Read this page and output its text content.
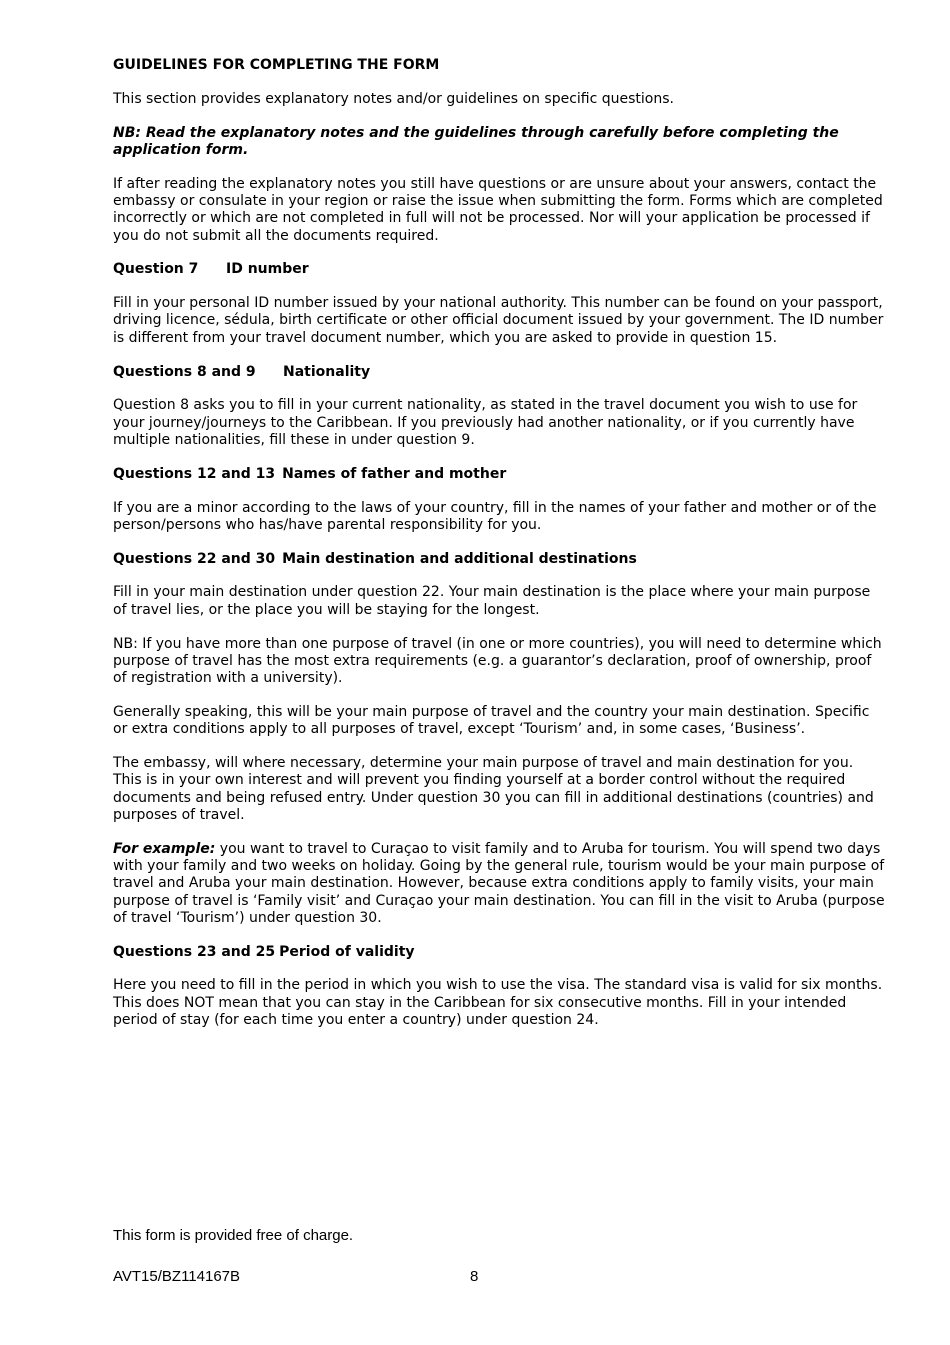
GUIDELINES FOR COMPLETING THE FORM

This section provides explanatory notes and/or guidelines on specific questions.

NB: Read the explanatory notes and the guidelines through carefully before completing the application form.

If after reading the explanatory notes you still have questions or are unsure about your answers, contact the embassy or consulate in your region or raise the issue when submitting the form. Forms which are completed incorrectly or which are not completed in full will not be processed. Nor will your application be processed if you do not submit all the documents required.

Question 7 ID number

Fill in your personal ID number issued by your national authority. This number can be found on your passport, driving licence, sédula, birth certificate or other official document issued by your government. The ID number is different from your travel document number, which you are asked to provide in question 15.

Questions 8 and 9 Nationality

Question 8 asks you to fill in your current nationality, as stated in the travel document you wish to use for your journey/journeys to the Caribbean. If you previously had another nationality, or if you currently have multiple nationalities, fill these in under question 9.

Questions 12 and 13 Names of father and mother

If you are a minor according to the laws of your country, fill in the names of your father and mother or of the person/persons who has/have parental responsibility for you.

Questions 22 and 30 Main destination and additional destinations

Fill in your main destination under question 22. Your main destination is the place where your main purpose of travel lies, or the place you will be staying for the longest.

NB: If you have more than one purpose of travel (in one or more countries), you will need to determine which purpose of travel has the most extra requirements (e.g. a guarantor’s declaration, proof of ownership, proof of registration with a university).

Generally speaking, this will be your main purpose of travel and the country your main destination. Specific or extra conditions apply to all purposes of travel, except ‘Tourism’ and, in some cases, ‘Business’.

The embassy, will where necessary, determine your main purpose of travel and main destination for you. This is in your own interest and will prevent you finding yourself at a border control without the required documents and being refused entry. Under question 30 you can fill in additional destinations (countries) and purposes of travel.

For example: you want to travel to Curaçao to visit family and to Aruba for tourism. You will spend two days with your family and two weeks on holiday. Going by the general rule, tourism would be your main purpose of travel and Aruba your main destination. However, because extra conditions apply to family visits, your main purpose of travel is ‘Family visit’ and Curaçao your main destination. You can fill in the visit to Aruba (purpose of travel ‘Tourism’) under question 30.

Questions 23 and 25 Period of validity

Here you need to fill in the period in which you wish to use the visa. The standard visa is valid for six months. This does NOT mean that you can stay in the Caribbean for six consecutive months. Fill in your intended period of stay (for each time you enter a country) under question 24.

This form is provided free of charge.
AVT15/BZ114167B	8
